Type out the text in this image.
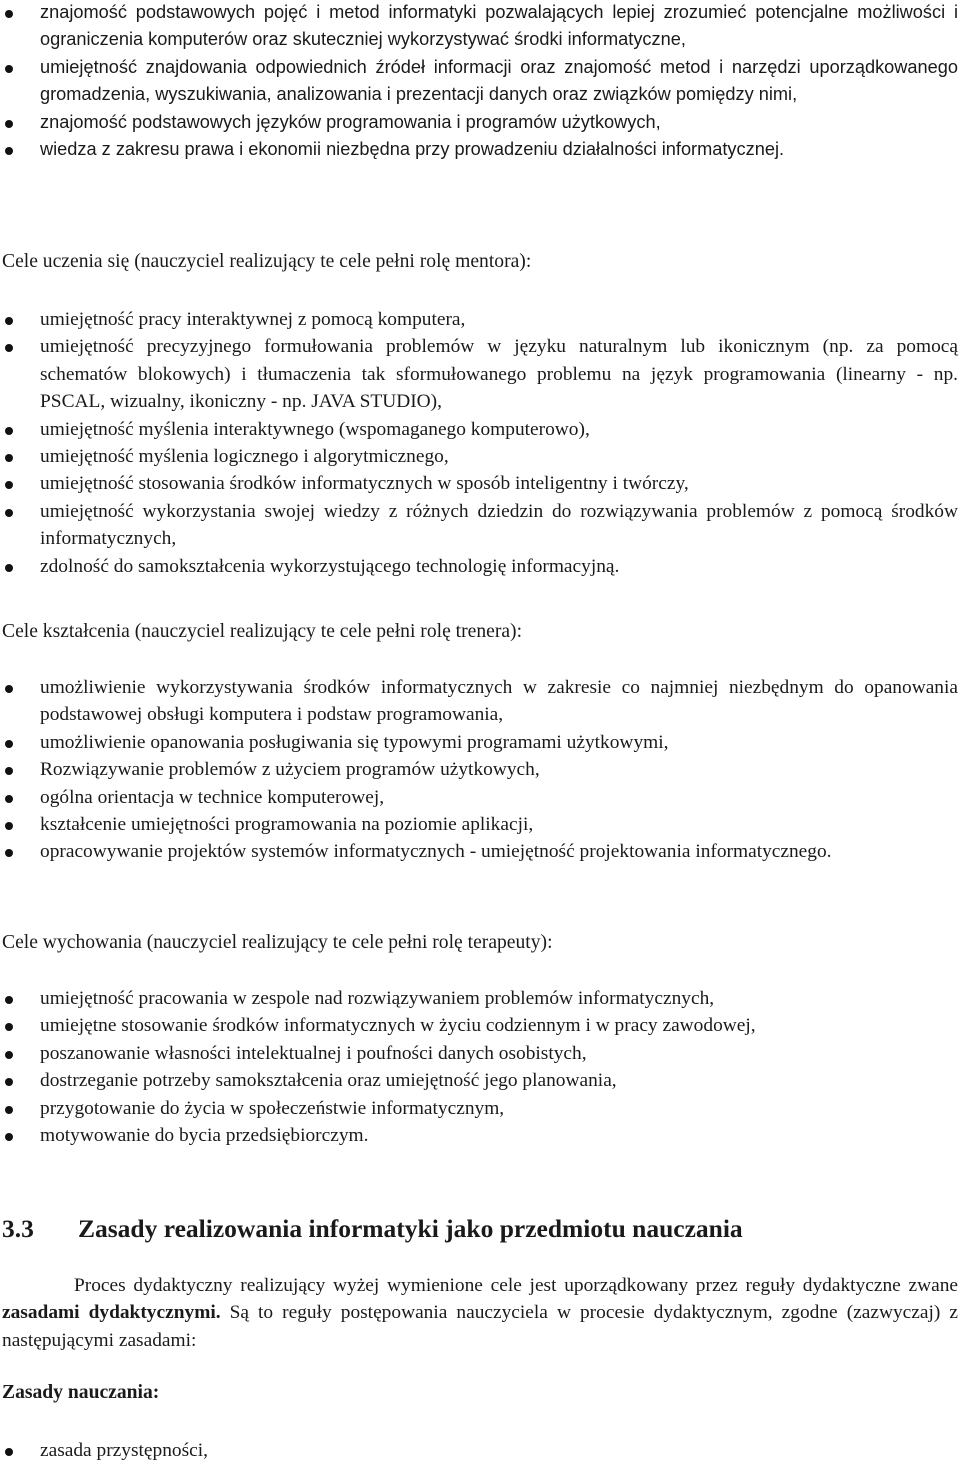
znajomość podstawowych pojęć i metod informatyki pozwalających lepiej zrozumieć potencjalne możliwości i ograniczenia komputerów oraz skuteczniej wykorzystywać środki informatyczne,
umiejętność znajdowania odpowiednich źródeł informacji oraz znajomość metod i narzędzi uporządkowanego gromadzenia, wyszukiwania, analizowania i prezentacji danych oraz związków pomiędzy nimi,
znajomość podstawowych języków programowania i programów użytkowych,
wiedza z zakresu prawa i ekonomii niezbędna przy prowadzeniu działalności informatycznej.

Cele uczenia się (nauczyciel realizujący te cele pełni rolę mentora):

umiejętność pracy interaktywnej z pomocą komputera,
umiejętność precyzyjnego formułowania problemów w języku naturalnym lub ikonicznym (np. za pomocą schematów blokowych) i tłumaczenia tak sformułowanego problemu na język programowania (linearny - np. PSCAL, wizualny, ikoniczny - np. JAVA STUDIO),
umiejętność myślenia interaktywnego (wspomaganego komputerowo),
umiejętność myślenia logicznego i algorytmicznego,
umiejętność stosowania środków informatycznych w sposób inteligentny i twórczy,
umiejętność wykorzystania swojej wiedzy z różnych dziedzin do rozwiązywania problemów z pomocą środków informatycznych,
zdolność do samokształcenia wykorzystującego technologię informacyjną.

Cele kształcenia (nauczyciel realizujący te cele pełni rolę trenera):

umożliwienie wykorzystywania środków informatycznych w zakresie co najmniej niezbędnym do opanowania podstawowej obsługi komputera i podstaw programowania,
umożliwienie opanowania posługiwania się typowymi programami użytkowymi,
Rozwiązywanie problemów z użyciem programów użytkowych,
ogólna orientacja w technice komputerowej,
kształcenie umiejętności programowania na poziomie aplikacji,
opracowywanie projektów systemów informatycznych - umiejętność projektowania informatycznego.

Cele wychowania (nauczyciel realizujący te cele pełni rolę terapeuty):

umiejętność pracowania w zespole nad rozwiązywaniem problemów informatycznych,
umiejętne stosowanie środków informatycznych w życiu codziennym i w pracy zawodowej,
poszanowanie własności intelektualnej i poufności danych osobistych,
dostrzeganie potrzeby samokształcenia oraz umiejętność jego planowania,
przygotowanie do życia w społeczeństwie informatycznym,
motywowanie do bycia przedsiębiorczym.
3.3 Zasady realizowania informatyki jako przedmiotu nauczania

Proces dydaktyczny realizujący wyżej wymienione cele jest uporządkowany przez reguły dydaktyczne zwane zasadami dydaktycznymi. Są to reguły postępowania nauczyciela w procesie dydaktycznym, zgodne (zazwyczaj) z następującymi zasadami:

Zasady nauczania:

zasada przystępności,
